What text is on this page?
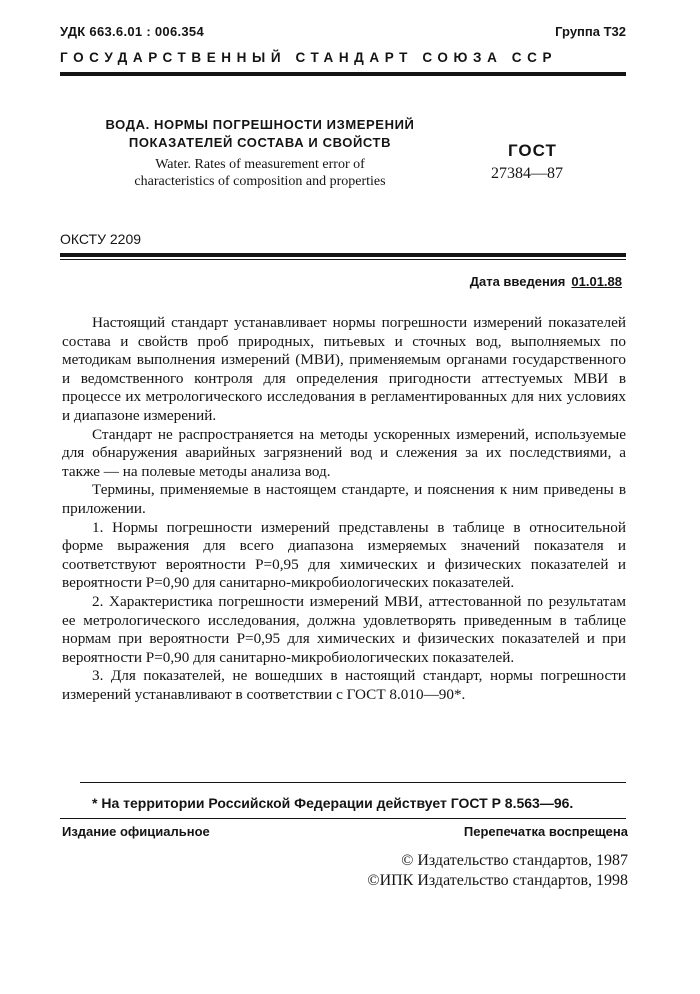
УДК 663.6.01 : 006.354	Группа Т32
ГОСУДАРСТВЕННЫЙ СТАНДАРТ СОЮЗА ССР
ВОДА. НОРМЫ ПОГРЕШНОСТИ ИЗМЕРЕНИЙ
ПОКАЗАТЕЛЕЙ СОСТАВА И СВОЙСТВ
Water. Rates of measurement error of
characteristics of composition and properties
ГОСТ
27384—87
ОКСТУ 2209
Дата введения 01.01.88

Настоящий стандарт устанавливает нормы погрешности измерений показателей состава и свойств проб природных, питьевых и сточных вод, выполняемых по методикам выполнения измерений (МВИ), применяемым органами государственного и ведомственного контроля для определения пригодности аттестуемых МВИ в процессе их метрологического исследования в регламентированных для них условиях и диапазоне измерений.

Стандарт не распространяется на методы ускоренных измерений, используемые для обнаружения аварийных загрязнений вод и слежения за их последствиями, а также — на полевые методы анализа вод.

Термины, применяемые в настоящем стандарте, и пояснения к ним приведены в приложении.

1. Нормы погрешности измерений представлены в таблице в относительной форме выражения для всего диапазона измеряемых значений показателя и соответствуют вероятности P=0,95 для химических и физических показателей и вероятности P=0,90 для санитарно-микробиологических показателей.

2. Характеристика погрешности измерений МВИ, аттестованной по результатам ее метрологического исследования, должна удовлетворять приведенным в таблице нормам при вероятности P=0,95 для химических и физических показателей и при вероятности P=0,90 для санитарно-микробиологических показателей.

3. Для показателей, не вошедших в настоящий стандарт, нормы погрешности измерений устанавливают в соответствии с ГОСТ 8.010—90*.

* На территории Российской Федерации действует ГОСТ Р 8.563—96.
Издание официальное	Перепечатка воспрещена
© Издательство стандартов, 1987
©ИПК Издательство стандартов, 1998
